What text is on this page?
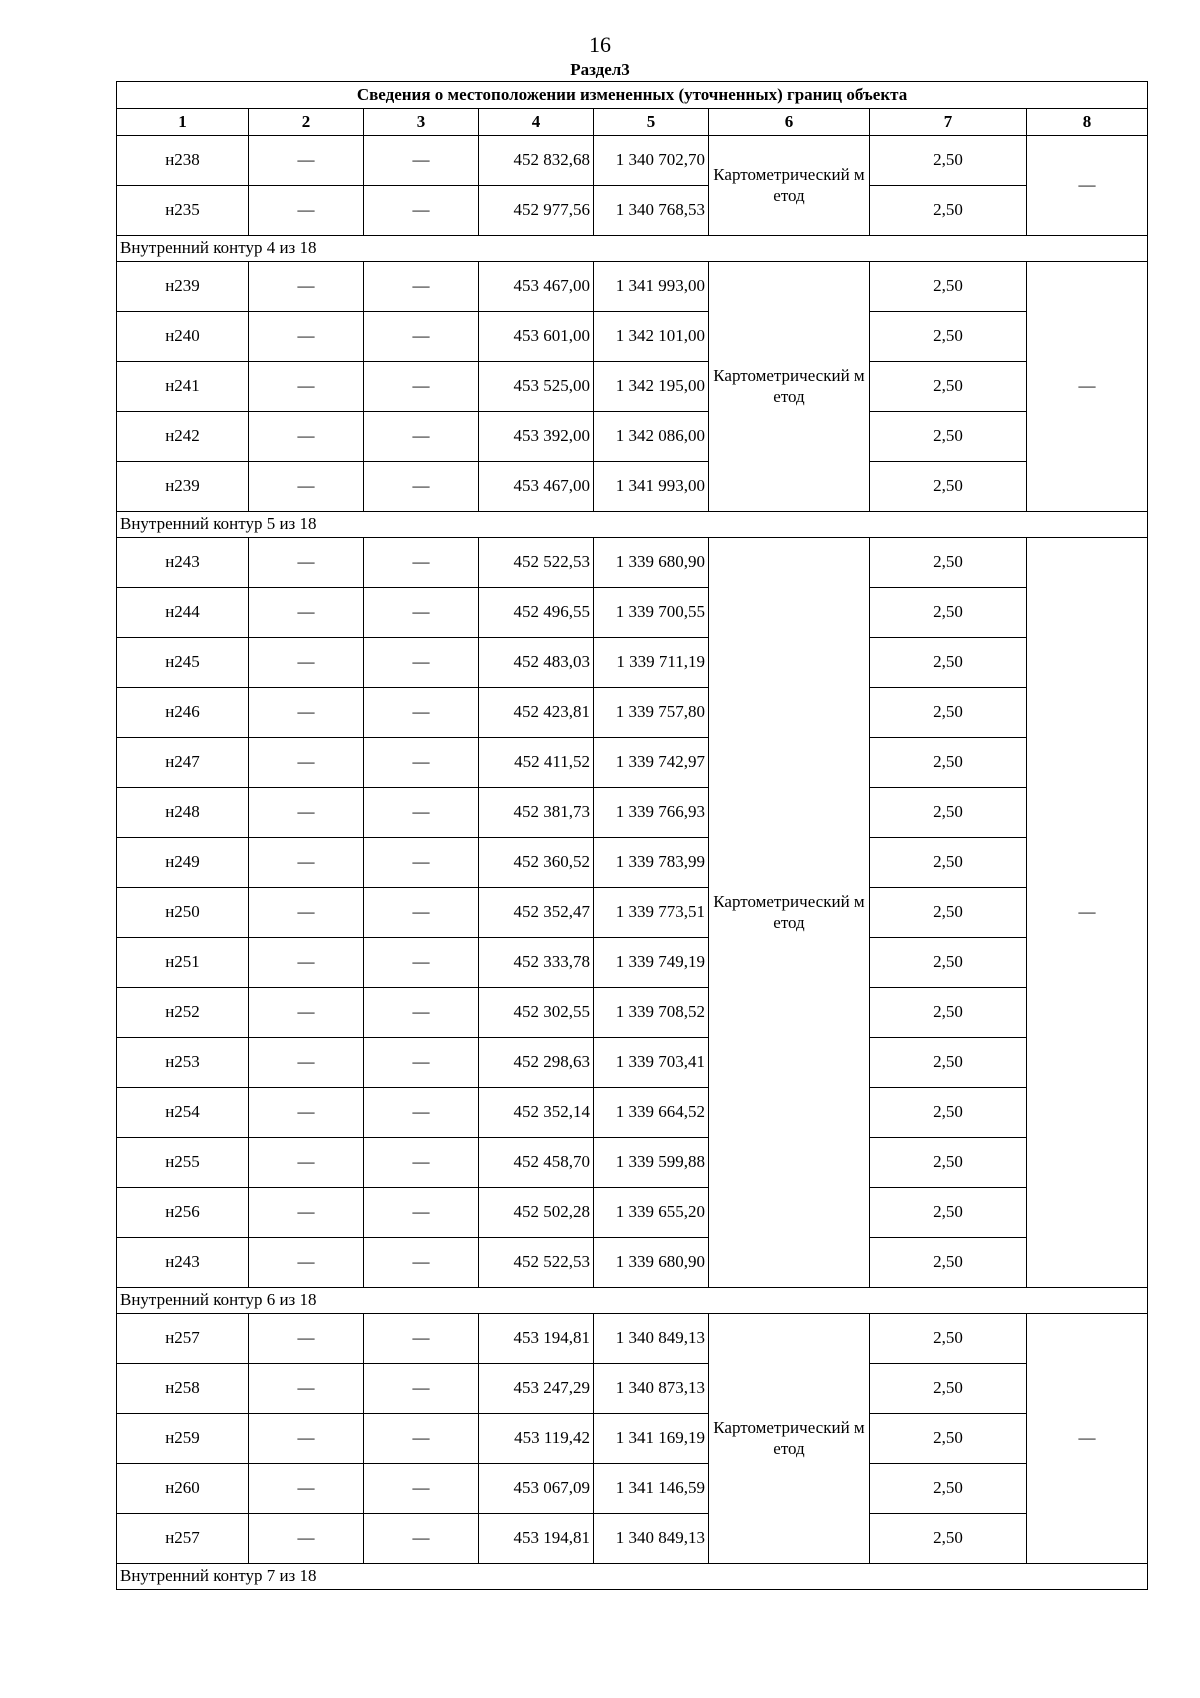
16
Раздел3
Сведения о местоположении измененных (уточненных) границ объекта							
1	2	3	4	5	6	7	8
н238	—	—	452 832,68	1 340 702,70	Картометрический метод	2,50	—
н235	—	—	452 977,56	1 340 768,53		2,50	
Внутренний контур 4 из 18							
н239	—	—	453 467,00	1 341 993,00	Картометрический метод	2,50	—
н240	—	—	453 601,00	1 342 101,00		2,50	
н241	—	—	453 525,00	1 342 195,00		2,50	
н242	—	—	453 392,00	1 342 086,00		2,50	
н239	—	—	453 467,00	1 341 993,00		2,50	
Внутренний контур 5 из 18							
н243	—	—	452 522,53	1 339 680,90	Картометрический метод	2,50	—
н244	—	—	452 496,55	1 339 700,55		2,50	
н245	—	—	452 483,03	1 339 711,19		2,50	
н246	—	—	452 423,81	1 339 757,80		2,50	
н247	—	—	452 411,52	1 339 742,97		2,50	
н248	—	—	452 381,73	1 339 766,93		2,50	
н249	—	—	452 360,52	1 339 783,99		2,50	
н250	—	—	452 352,47	1 339 773,51		2,50	
н251	—	—	452 333,78	1 339 749,19		2,50	
н252	—	—	452 302,55	1 339 708,52		2,50	
н253	—	—	452 298,63	1 339 703,41		2,50	
н254	—	—	452 352,14	1 339 664,52		2,50	
н255	—	—	452 458,70	1 339 599,88		2,50	
н256	—	—	452 502,28	1 339 655,20		2,50	
н243	—	—	452 522,53	1 339 680,90		2,50	
Внутренний контур 6 из 18							
н257	—	—	453 194,81	1 340 849,13	Картометрический метод	2,50	—
н258	—	—	453 247,29	1 340 873,13		2,50	
н259	—	—	453 119,42	1 341 169,19		2,50	
н260	—	—	453 067,09	1 341 146,59		2,50	
н257	—	—	453 194,81	1 340 849,13		2,50	
Внутренний контур 7 из 18							
